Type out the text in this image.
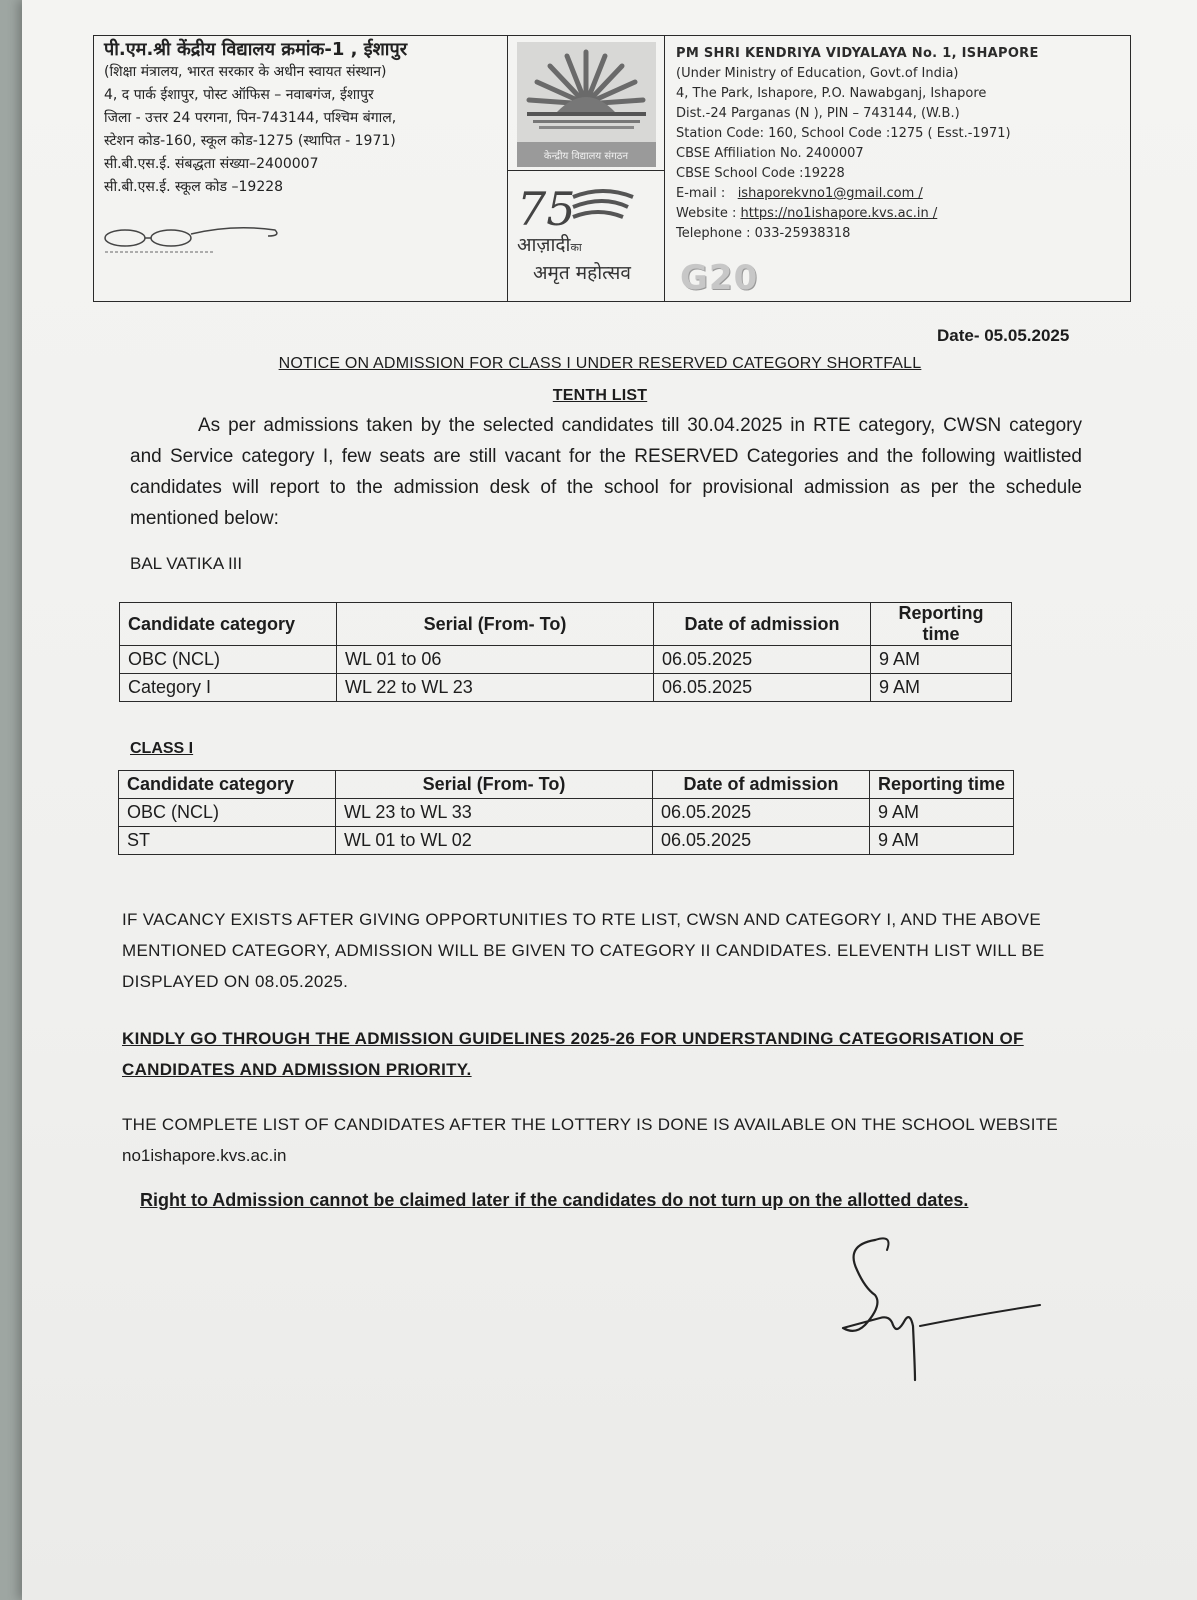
पी.एम.श्री केंद्रीय विद्यालय क्रमांक-1 , ईशापुर
(शिक्षा मंत्रालय, भारत सरकार के अधीन स्वायत संस्थान)
4, द पार्क ईशापुर, पोस्ट ऑफिस – नवाबगंज, ईशापुर
जिला - उत्तर 24 परगना, पिन-743144, पश्चिम बंगाल,
स्टेशन कोड-160, स्कूल कोड-1275 (स्थापित - 1971)
सी.बी.एस.ई. संबद्धता संख्या–2400007
सी.बी.एस.ई. स्कूल कोड –19228
केन्द्रीय विद्यालय संगठन
75
आज़ादीका
अमृत महोत्सव
PM SHRI KENDRIYA VIDYALAYA No. 1, ISHAPORE
(Under Ministry of Education, Govt.of India)
4, The Park, Ishapore, P.O. Nawabganj, Ishapore
Dist.-24 Parganas (N ), PIN – 743144, (W.B.)
Station Code: 160, School Code :1275 ( Esst.-1971)
CBSE Affiliation No. 2400007
CBSE School Code :19228
E-mail : ishaporekvno1@gmail.com /
Website : https://no1ishapore.kvs.ac.in /
Telephone : 033-25938318
G20
Date- 05.05.2025
NOTICE ON ADMISSION FOR CLASS I UNDER RESERVED CATEGORY SHORTFALL
TENTH LIST
As per admissions taken by the selected candidates till 30.04.2025 in RTE category, CWSN category and Service category I, few seats are still vacant for the RESERVED Categories and the following waitlisted candidates will report to the admission desk of the school for provisional admission as per the schedule mentioned below:
BAL VATIKA III
Candidate category	Serial (From- To)	Date of admission	Reporting time
OBC (NCL)	WL 01 to 06	06.05.2025	9 AM
Category I	WL 22 to WL 23	06.05.2025	9 AM
CLASS I
Candidate category	Serial (From- To)	Date of admission	Reporting time
OBC (NCL)	WL 23 to WL 33	06.05.2025	9 AM
ST	WL 01 to WL 02	06.05.2025	9 AM
IF VACANCY EXISTS AFTER GIVING OPPORTUNITIES TO RTE LIST, CWSN AND CATEGORY I, AND THE ABOVE MENTIONED CATEGORY, ADMISSION WILL BE GIVEN TO CATEGORY II CANDIDATES. ELEVENTH LIST WILL BE DISPLAYED ON 08.05.2025.
KINDLY GO THROUGH THE ADMISSION GUIDELINES 2025-26 FOR UNDERSTANDING CATEGORISATION OF CANDIDATES AND ADMISSION PRIORITY.
THE COMPLETE LIST OF CANDIDATES AFTER THE LOTTERY IS DONE IS AVAILABLE ON THE SCHOOL WEBSITE no1ishapore.kvs.ac.in
Right to Admission cannot be claimed later if the candidates do not turn up on the allotted dates.
